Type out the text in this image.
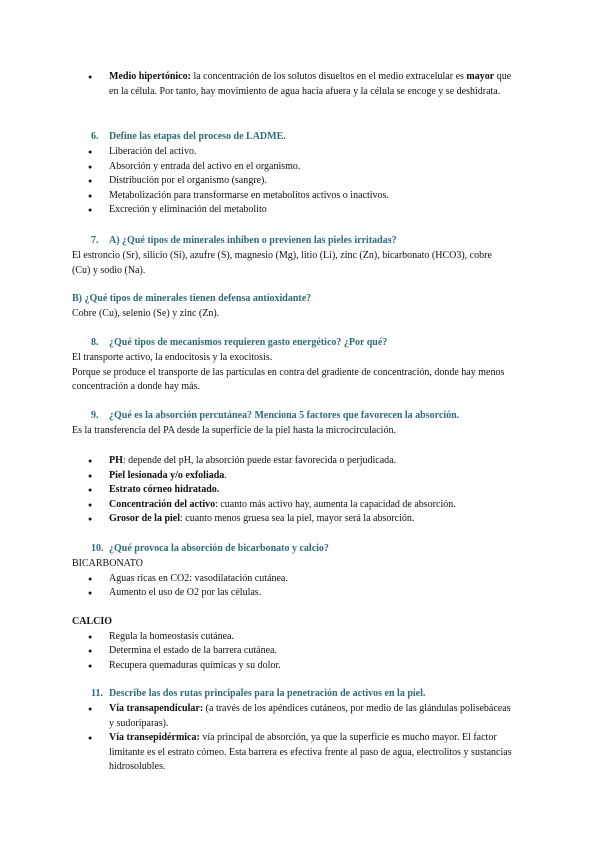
● Medio hipertónico: la concentración de los solutos disueltos en el medio extracelular es mayor que en la célula. Por tanto, hay movimiento de agua hacia afuera y la célula se encoge y se deshidrata.
6. Define las etapas del proceso de LADME.
● Liberación del activo.
● Absorción y entrada del activo en el organismo.
● Distribución por el organismo (sangre).
● Metabolización para transformarse en metabolitos activos o inactivos.
● Excreción y eliminación del metabolito
7. A) ¿Qué tipos de minerales inhiben o previenen las pieles irritadas?

El estroncio (Sr), silicio (Si), azufre (S), magnesio (Mg), litio (Li), zinc (Zn), bicarbonato (HCO3), cobre (Cu) y sodio (Na).

B) ¿Qué tipos de minerales tienen defensa antioxidante?

Cobre (Cu), selenio (Se) y zinc (Zn).

8. ¿Qué tipos de mecanismos requieren gasto energético? ¿Por qué?

El transporte activo, la endocitosis y la exocitosis.

Porque se produce el transporte de las partículas en contra del gradiente de concentración, donde hay menos concentración a donde hay más.

9. ¿Qué es la absorción percutánea? Menciona 5 factores que favorecen la absorción.

Es la transferencia del PA desde la superficie de la piel hasta la microcirculación.

● PH: depende del pH, la absorción puede estar favorecida o perjudicada.
● Piel lesionada y/o exfoliada.
● Estrato córneo hidratado.
● Concentración del activo: cuanto más activo hay, aumenta la capacidad de absorción.
● Grosor de la piel: cuanto menos gruesa sea la piel, mayor será la absorción.
10. ¿Qué provoca la absorción de bicarbonato y calcio?

BICARBONATO

● Aguas ricas en CO2: vasodilatación cutánea.
● Aumento el uso de O2 por las células.

CALCIO

● Regula la homeostasis cutánea.
● Determina el estado de la barrera cutánea.
● Recupera quemaduras químicas y su dolor.
11. Describe las dos rutas principales para la penetración de activos en la piel.
● Vía transapendicular: (a través de los apéndices cutáneos, por medio de las glándulas polisebáceas y sudoríparas).
● Vía transepidérmica: vía principal de absorción, ya que la superficie es mucho mayor. El factor limitante es el estrato córneo. Esta barrera es efectiva frente al paso de agua, electrolitos y sustancias hidrosolubles.
